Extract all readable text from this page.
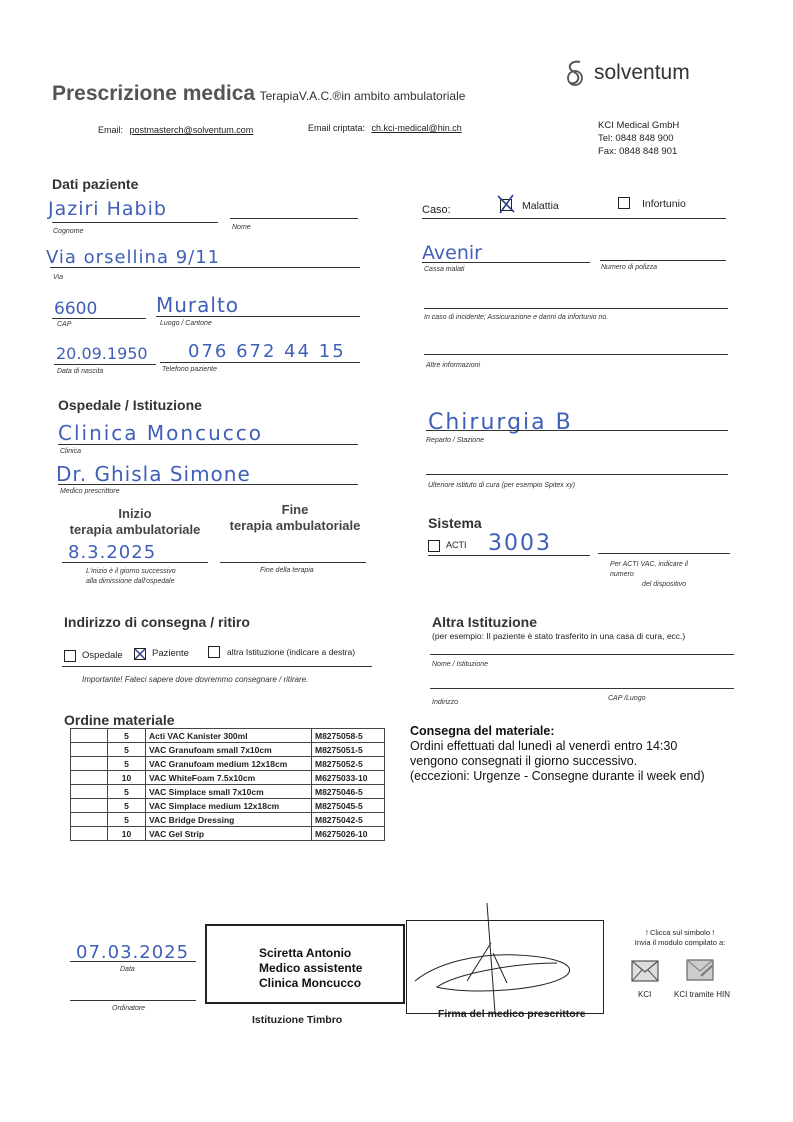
Prescrizione medica TerapiaV.A.C.®in ambito ambulatoriale
solventum
Email: postmasterch@solventum.com	Email criptata: ch.kci-medical@hin.ch	KCI Medical GmbH
Tel: 0848 848 900
Fax: 0848 848 901
Dati paziente
Jaziri Habib
Cognome
Nome
Via orsellina 9/11
Via
6600
CAP
Muralto
Luogo / Cantone
20.09.1950
Data di nascita
076 672 44 15
Telefono paziente
Caso:	Malattia	Infortunio
Avenir
Cassa malati	Numero di polizza
In caso di incidente; Assicurazione e danni da infortunio no.
Altre informazioni
Ospedale / Istituzione
Clinica Moncucco
Clinica
Chirurgia B
Reparto / Stazione
Dr. Ghisla Simone
Medico prescrittore
Ulteriore istituto di cura (per esempio Spitex xy)
Inizio
terapia ambulatoriale
Fine
terapia ambulatoriale
8.3.2025
L'inizio è il giorno successivo
alla dimissione dall'ospedale
Fine della terapia
Sistema
ACTI 3003
Per ACTI VAC, indicare il
numero
del dispositivo
Indirizzo di consegna / ritiro
Ospedale	Paziente	altra Istituzione (indicare a destra)
Importante! Fateci sapere dove dovremmo consegnare / ritirare.
Altra Istituzione
(per esempio: Il paziente è stato trasferito in una casa di cura, ecc.)
Nome / Istituzione
Indirizzo
CAP /Luogo
Ordine materiale
	5	Acti VAC Kanister 300ml	M8275058-5
	5	VAC Granufoam small 7x10cm	M8275051-5
	5	VAC Granufoam medium 12x18cm	M8275052-5
	10	VAC WhiteFoam 7.5x10cm	M6275033-10
	5	VAC Simplace small 7x10cm	M8275046-5
	5	VAC Simplace medium 12x18cm	M8275045-5
	5	VAC Bridge Dressing	M8275042-5
	10	VAC Gel Strip	M6275026-10
Consegna del materiale:
Ordini effettuati dal lunedì al venerdì entro 14:30
vengono consegnati il giorno successivo.
(eccezioni: Urgenze - Consegne durante il week end)
07.03.2025
Data
Ordinatore
Sciretta Antonio
Medico assistente
Clinica Moncucco
Istituzione Timbro	Firma del medico prescrittore
! Clicca sul simbolo !
Invia il modulo compilato a:
KCI	KCI tramite HIN
